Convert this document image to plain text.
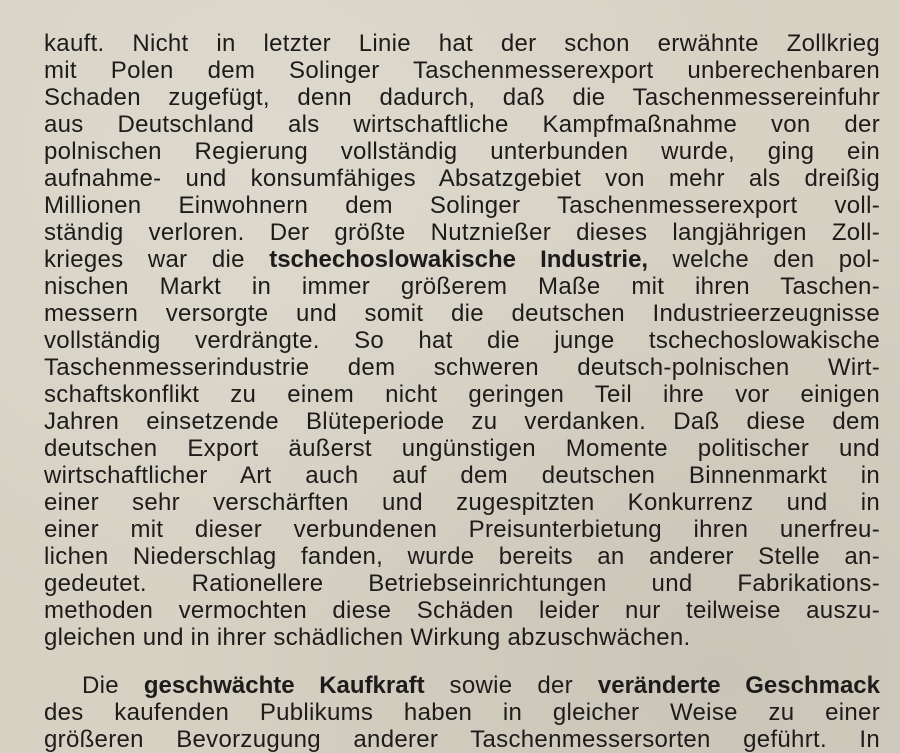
kauft. Nicht in letzter Linie hat der schon erwähnte Zollkrieg
mit Polen dem Solinger Taschenmesserexport unberechenbaren
Schaden zugefügt, denn dadurch, daß die Taschenmessereinfuhr
aus Deutschland als wirtschaftliche Kampfmaßnahme von der
polnischen Regierung vollständig unterbunden wurde, ging ein
aufnahme- und konsumfähiges Absatzgebiet von mehr als dreißig
Millionen Einwohnern dem Solinger Taschenmesserexport voll-
ständig verloren. Der größte Nutznießer dieses langjährigen Zoll-
krieges war die tschechoslowakische Industrie, welche den pol-
nischen Markt in immer größerem Maße mit ihren Taschen-
messern versorgte und somit die deutschen Industrieerzeugnisse
vollständig verdrängte. So hat die junge tschechoslowakische
Taschenmesserindustrie dem schweren deutsch-polnischen Wirt-
schaftskonflikt zu einem nicht geringen Teil ihre vor einigen
Jahren einsetzende Blüteperiode zu verdanken. Daß diese dem
deutschen Export äußerst ungünstigen Momente politischer und
wirtschaftlicher Art auch auf dem deutschen Binnenmarkt in
einer sehr verschärften und zugespitzten Konkurrenz und in
einer mit dieser verbundenen Preisunterbietung ihren unerfreu-
lichen Niederschlag fanden, wurde bereits an anderer Stelle an-
gedeutet. Rationellere Betriebseinrichtungen und Fabrikations-
methoden vermochten diese Schäden leider nur teilweise auszu-
gleichen und in ihrer schädlichen Wirkung abzuschwächen.

Die geschwächte Kaufkraft sowie der veränderte Geschmack
des kaufenden Publikums haben in gleicher Weise zu einer
größeren Bevorzugung anderer Taschenmessersorten geführt. In
